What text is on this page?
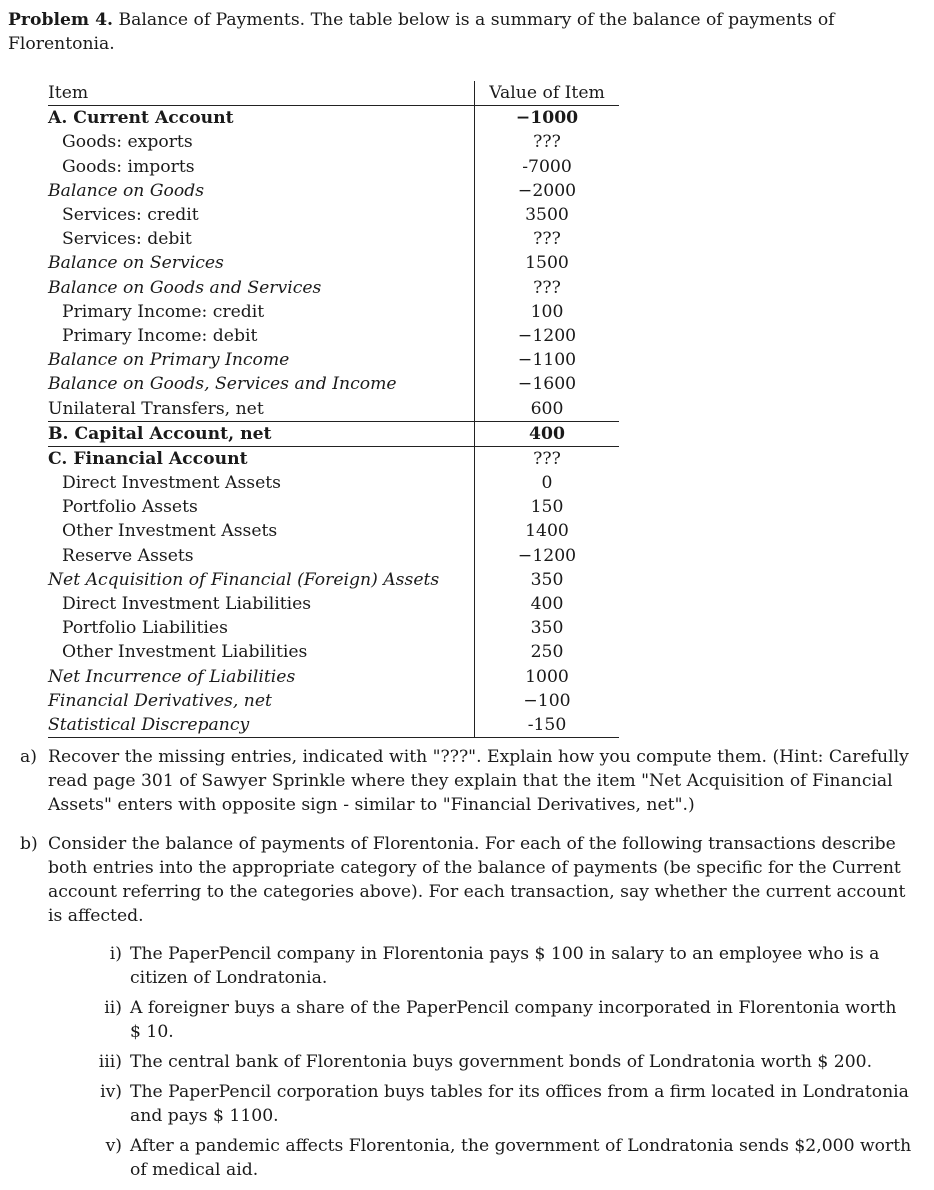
Problem 4. Balance of Payments. The table below is a summary of the balance of payments of Florentonia.

Item	Value of Item
A. Current Account	−1000
Goods: exports	???
Goods: imports	-7000
Balance on Goods	−2000
Services: credit	3500
Services: debit	???
Balance on Services	1500
Balance on Goods and Services	???
Primary Income: credit	100
Primary Income: debit	−1200
Balance on Primary Income	−1100
Balance on Goods, Services and Income	−1600
Unilateral Transfers, net	600
B. Capital Account, net	400
C. Financial Account	???
Direct Investment Assets	0
Portfolio Assets	150
Other Investment Assets	1400
Reserve Assets	−1200
Net Acquisition of Financial (Foreign) Assets	350
Direct Investment Liabilities	400
Portfolio Liabilities	350
Other Investment Liabilities	250
Net Incurrence of Liabilities	1000
Financial Derivatives, net	−100
Statistical Discrepancy	-150
a) Recover the missing entries, indicated with "???". Explain how you compute them. (Hint: Carefully read page 301 of Sawyer Sprinkle where they explain that the item "Net Acquisition of Financial Assets" enters with opposite sign - similar to "Financial Derivatives, net".)
b) Consider the balance of payments of Florentonia. For each of the following transactions describe both entries into the appropriate category of the balance of payments (be specific for the Current account referring to the categories above). For each transaction, say whether the current account is affected.
i) The PaperPencil company in Florentonia pays $ 100 in salary to an employee who is a citizen of Londratonia.
ii) A foreigner buys a share of the PaperPencil company incorporated in Florentonia worth $ 10.
iii) The central bank of Florentonia buys government bonds of Londratonia worth $ 200.
iv) The PaperPencil corporation buys tables for its offices from a firm located in Londratonia and pays $ 1100.
v) After a pandemic affects Florentonia, the government of Londratonia sends $2,000 worth of medical aid.
